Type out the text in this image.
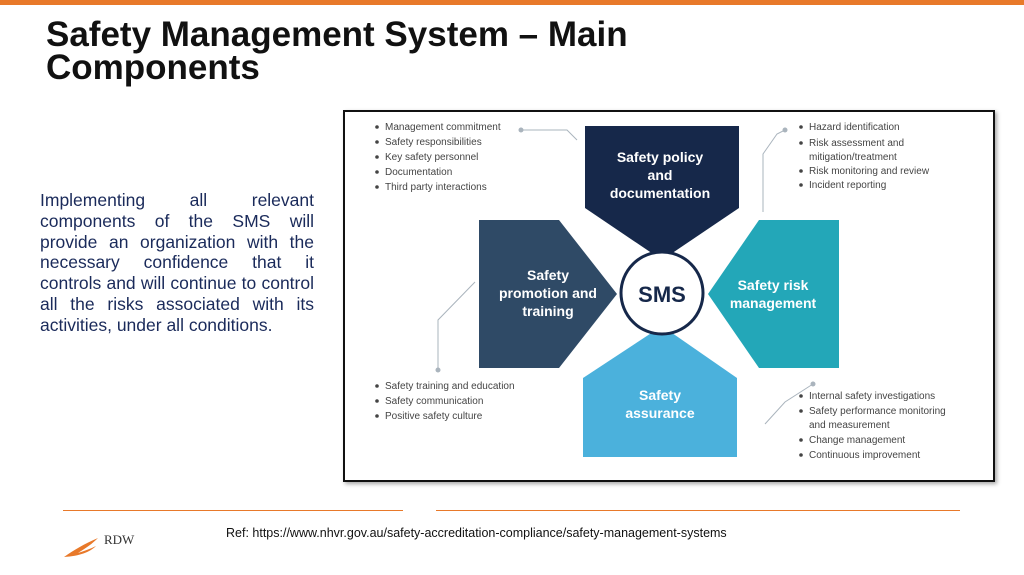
Safety Management System – Main Components

Implementing all relevant components of the SMS will provide an organization with the necessary confidence that it controls and will continue to control all the risks associated with its activities, under all conditions.

SMS
Safety policy
and
documentation
Safety risk
management
Safety
promotion and
training
Safety
assurance
Management commitment
Safety responsibilities
Key safety personnel
Documentation
Third party interactions
Hazard identification
Risk assessment and
mitigation/treatment
Risk monitoring and review
Incident reporting
Safety training and education
Safety communication
Positive safety culture
Internal safety investigations
Safety performance monitoring
and measurement
Change management
Continuous improvement
RDW	Ref: https://www.nhvr.gov.au/safety-accreditation-compliance/safety-management-systems
